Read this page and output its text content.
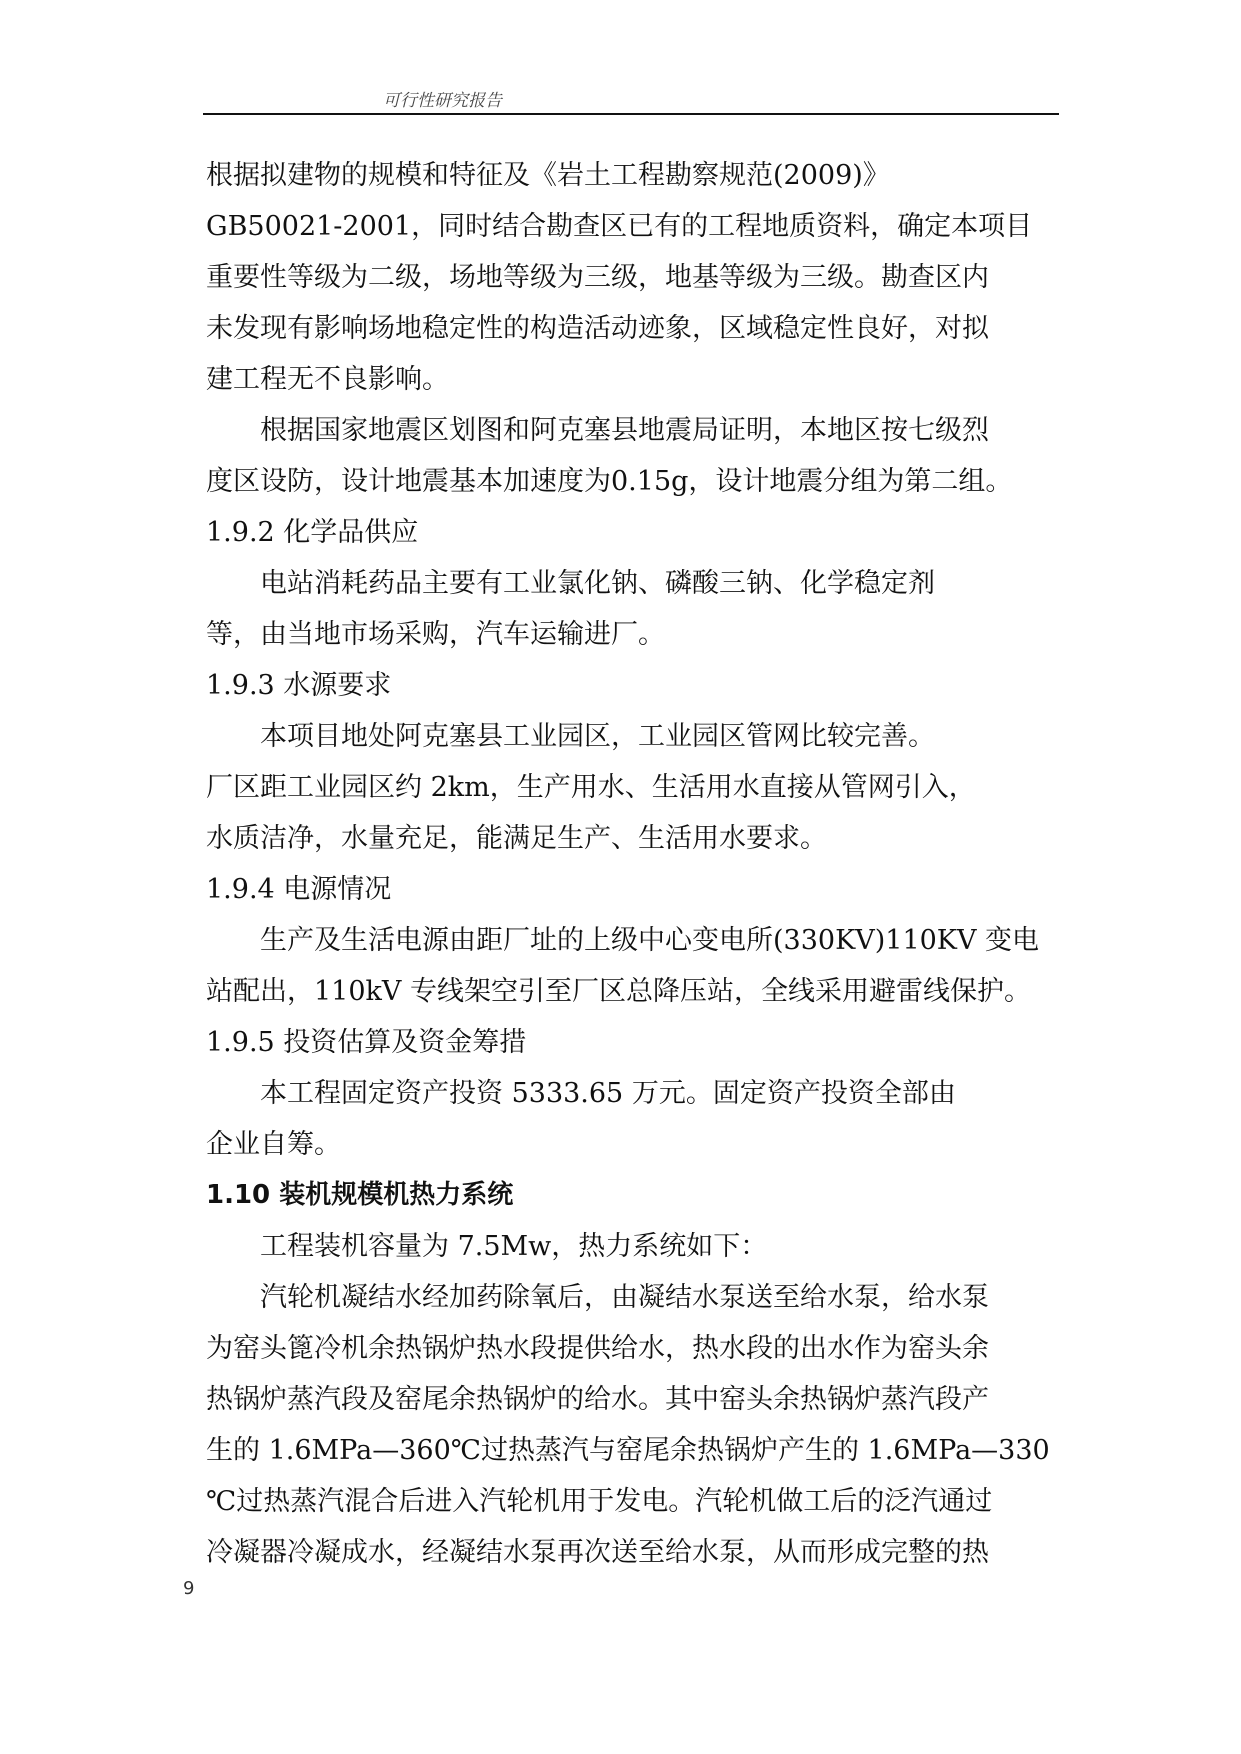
可行性研究报告
根据拟建物的规模和特征及《岩土工程勘察规范(2009)》
GB50021-2001，同时结合勘查区已有的工程地质资料，确定本项目
重要性等级为二级，场地等级为三级，地基等级为三级。勘查区内
未发现有影响场地稳定性的构造活动迹象，区域稳定性良好，对拟
建工程无不良影响。
　　根据国家地震区划图和阿克塞县地震局证明，本地区按七级烈
度区设防，设计地震基本加速度为0.15g，设计地震分组为第二组。
1.9.2 化学品供应
　　电站消耗药品主要有工业氯化钠、磷酸三钠、化学稳定剂
等，由当地市场采购，汽车运输进厂。
1.9.3 水源要求
　　本项目地处阿克塞县工业园区，工业园区管网比较完善。
厂区距工业园区约 2km，生产用水、生活用水直接从管网引入，
水质洁净，水量充足，能满足生产、生活用水要求。
1.9.4 电源情况
　　生产及生活电源由距厂址的上级中心变电所(330KV)110KV 变电
站配出，110kV 专线架空引至厂区总降压站，全线采用避雷线保护。
1.9.5 投资估算及资金筹措
　　本工程固定资产投资 5333.65 万元。固定资产投资全部由
企业自筹。
1.10 装机规模机热力系统
　　工程装机容量为 7.5Mw，热力系统如下：
　　汽轮机凝结水经加药除氧后，由凝结水泵送至给水泵，给水泵
为窑头篦冷机余热锅炉热水段提供给水，热水段的出水作为窑头余
热锅炉蒸汽段及窑尾余热锅炉的给水。其中窑头余热锅炉蒸汽段产
生的 1.6MPa—360℃过热蒸汽与窑尾余热锅炉产生的 1.6MPa—330
℃过热蒸汽混合后进入汽轮机用于发电。汽轮机做工后的泛汽通过
冷凝器冷凝成水，经凝结水泵再次送至给水泵，从而形成完整的热
9
